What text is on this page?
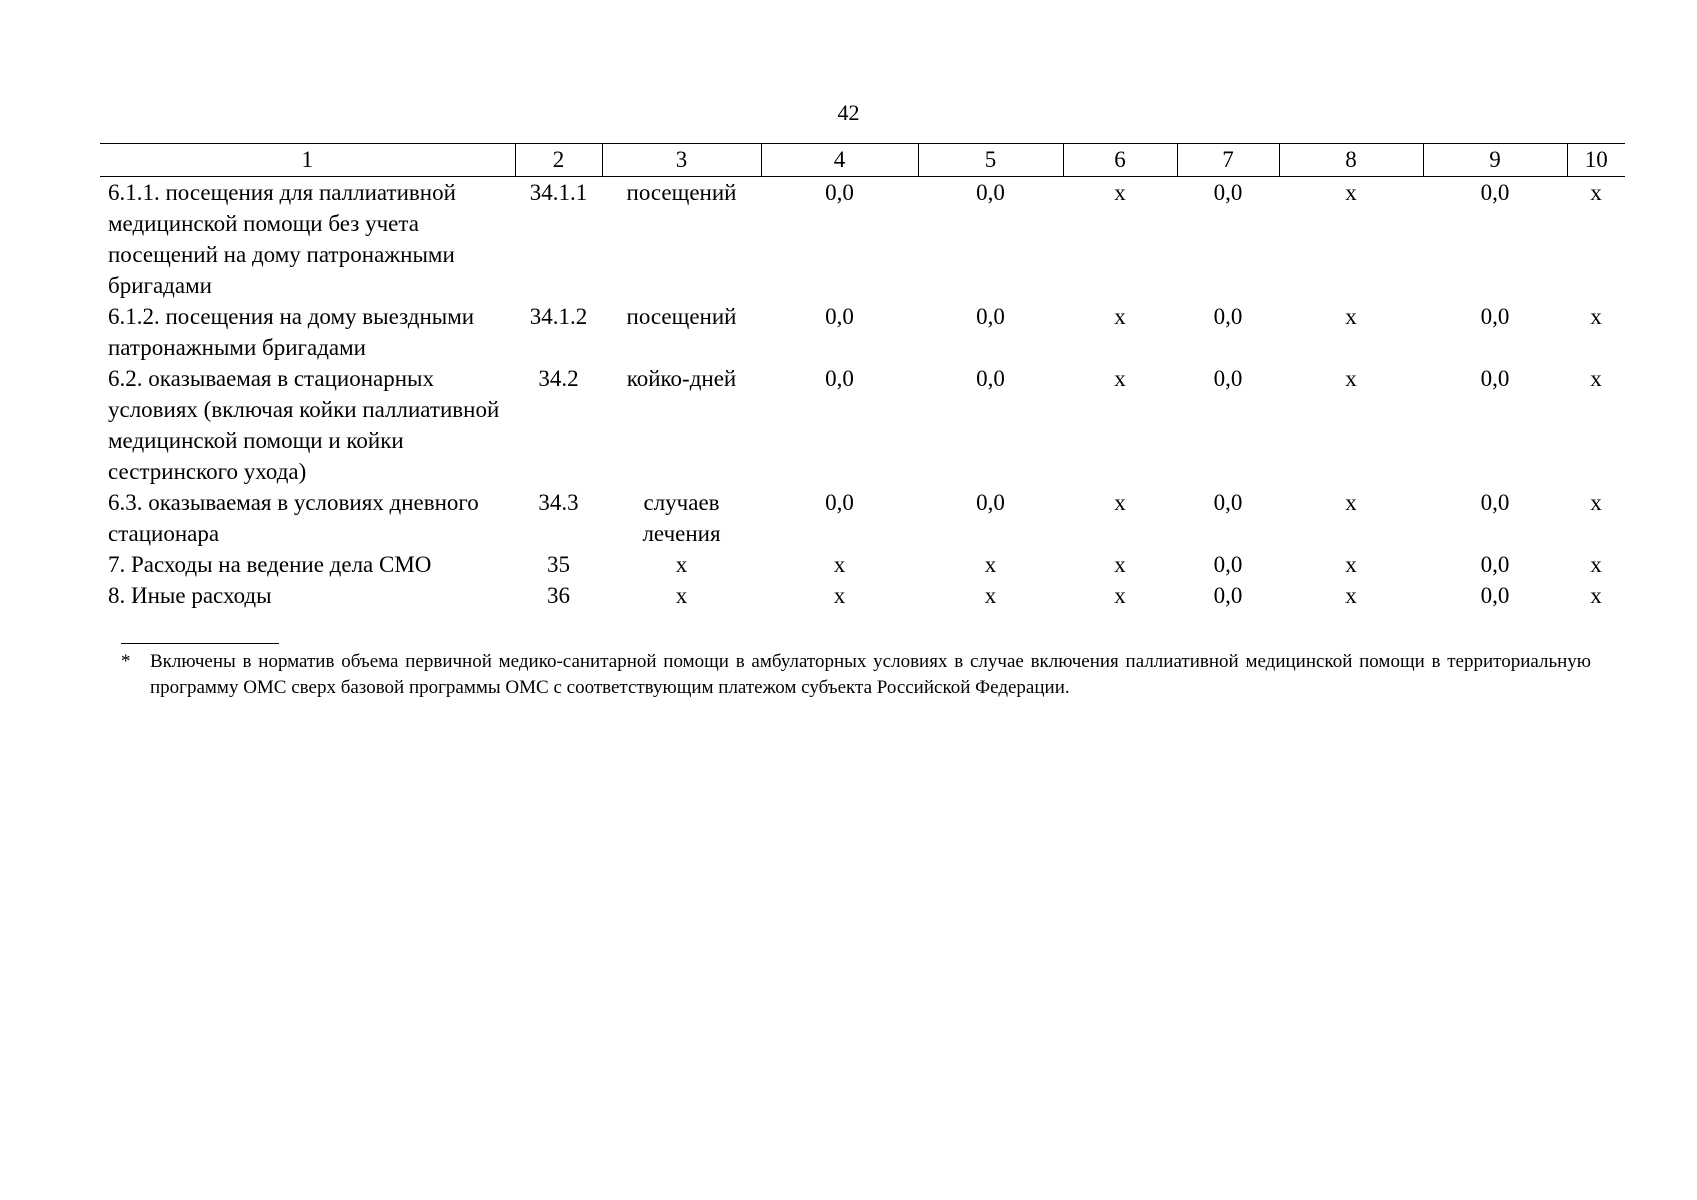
42
1	2	3	4	5	6	7	8	9	10
6.1.1. посещения для паллиативной медицинской помощи без учета посещений на дому патронажными бригадами	34.1.1	посещений	0,0	0,0	х	0,0	х	0,0	х
6.1.2. посещения на дому выездными патронажными бригадами	34.1.2	посещений	0,0	0,0	х	0,0	х	0,0	х
6.2. оказываемая в стационарных условиях (включая койки паллиативной медицинской помощи и койки сестринского ухода)	34.2	койко-дней	0,0	0,0	х	0,0	х	0,0	х
6.3. оказываемая в условиях дневного стационара	34.3	случаев лечения	0,0	0,0	х	0,0	х	0,0	х
7. Расходы на ведение дела СМО	35	х	х	х	х	0,0	х	0,0	х
8. Иные расходы	36	х	х	х	х	0,0	х	0,0	х
* Включены в норматив объема первичной медико-санитарной помощи в амбулаторных условиях в случае включения паллиативной медицинской помощи в территориальную программу ОМС сверх базовой программы ОМС с соответствующим платежом субъекта Российской Федерации.
